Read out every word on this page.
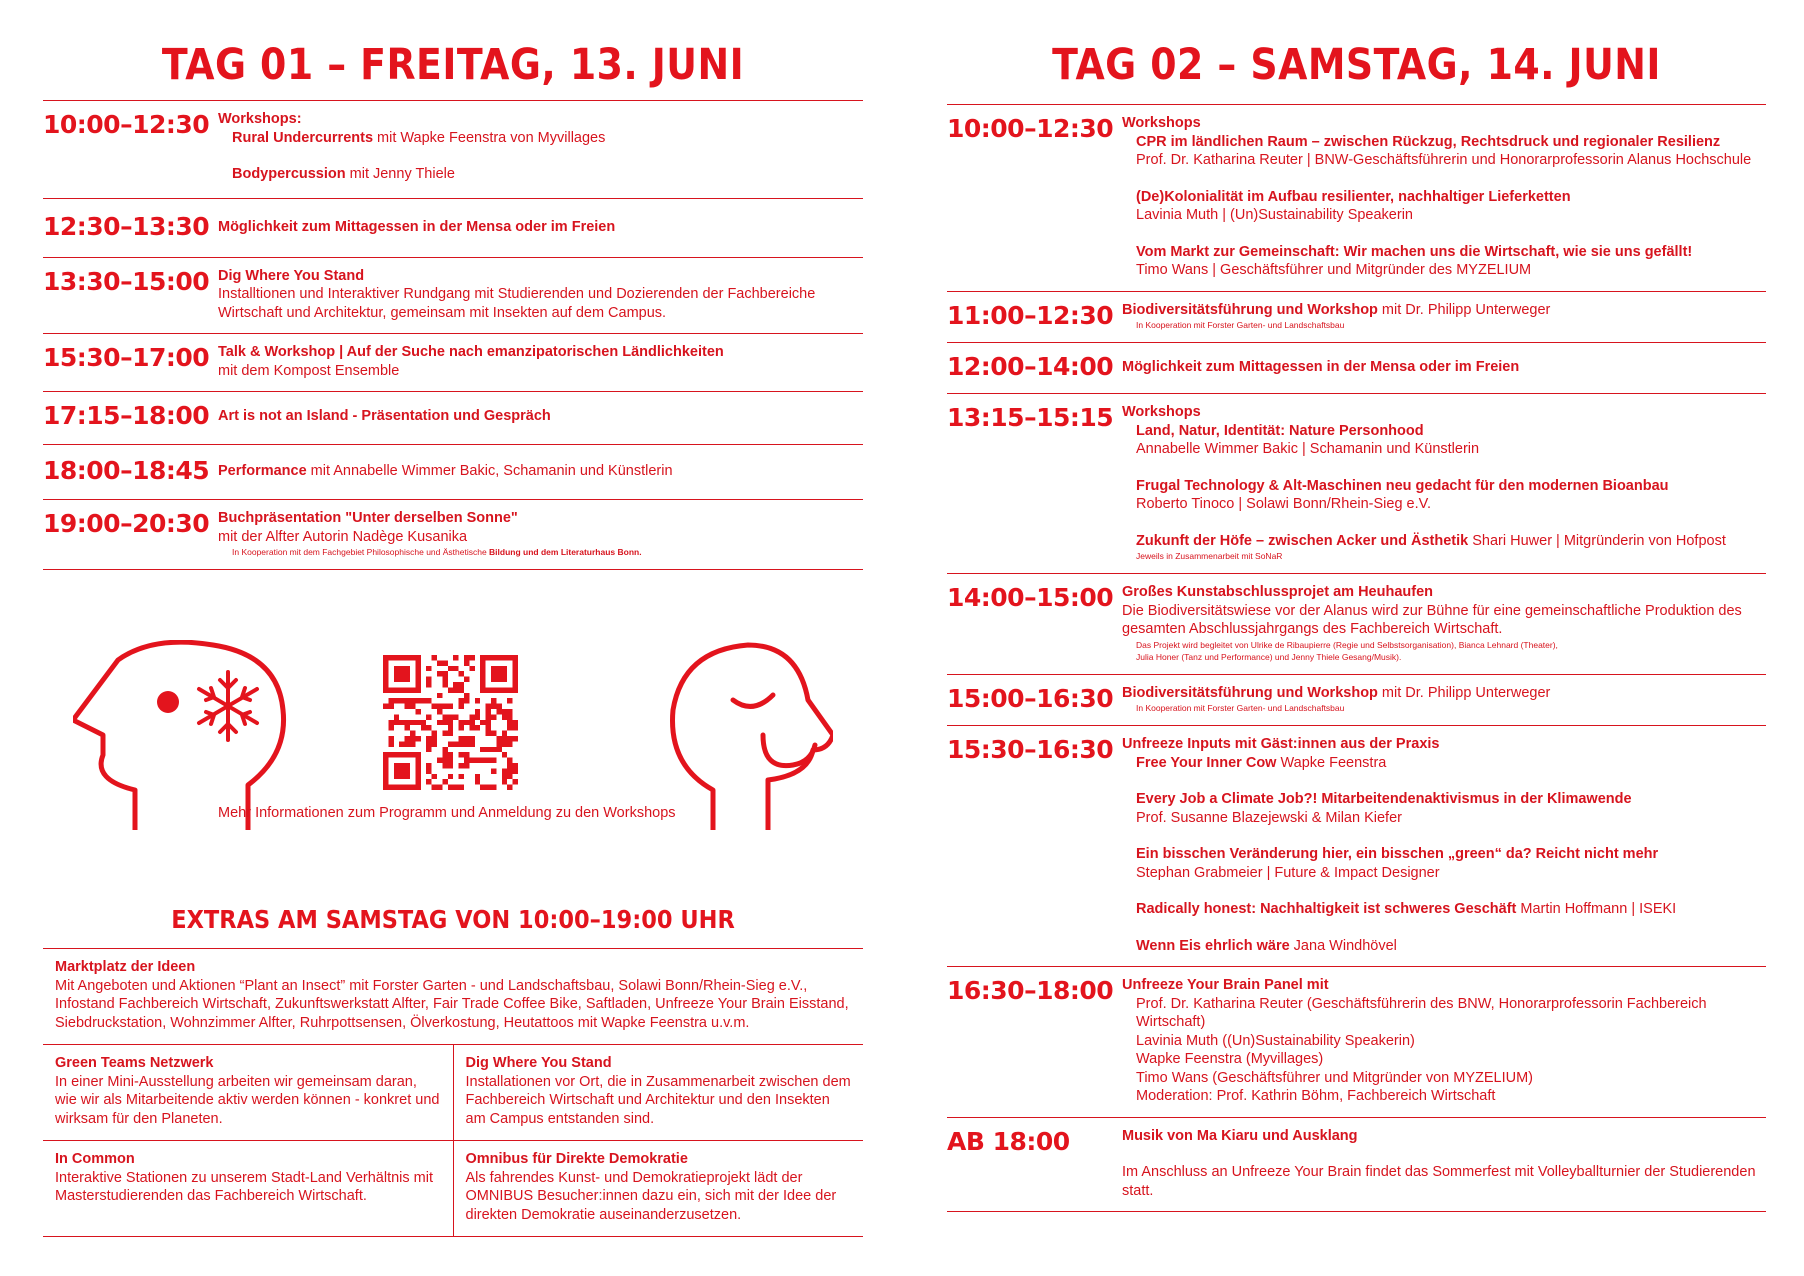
TAG 01 – FREITAG, 13. JUNI
10:00–12:30 Workshops:
Rural Undercurrents mit Wapke Feenstra von Myvillages
Bodypercussion mit Jenny Thiele
12:30–13:30 Möglichkeit zum Mittagessen in der Mensa oder im Freien
13:30–15:00 Dig Where You Stand
Installtionen und Interaktiver Rundgang mit Studierenden und Dozierenden der Fachbereiche Wirtschaft und Architektur, gemeinsam mit Insekten auf dem Campus.
15:30–17:00 Talk & Workshop | Auf der Suche nach emanzipatorischen Ländlichkeiten
mit dem Kompost Ensemble
17:15–18:00 Art is not an Island - Präsentation und Gespräch
18:00–18:45 Performance mit Annabelle Wimmer Bakic, Schamanin und Künstlerin
19:00–20:30 Buchpräsentation "Unter derselben Sonne"
mit der Alfter Autorin Nadège Kusanika
In Kooperation mit dem Fachgebiet Philosophische und Ästhetische Bildung und dem Literaturhaus Bonn.
Mehr Informationen zum Programm und Anmeldung zu den Workshops
EXTRAS AM SAMSTAG VON 10:00–19:00 UHR
Marktplatz der Ideen
Mit Angeboten und Aktionen “Plant an Insect” mit Forster Garten - und Landschaftsbau, Solawi Bonn/Rhein-Sieg e.V., Infostand Fachbereich Wirtschaft, Zukunftswerkstatt Alfter, Fair Trade Coffee Bike, Saftladen, Unfreeze Your Brain Eisstand, Siebdruckstation, Wohnzimmer Alfter, Ruhrpottsensen, Ölverkostung, Heutattoos mit Wapke Feenstra u.v.m.
Green Teams Netzwerk
In einer Mini-Ausstellung arbeiten wir gemeinsam daran, wie wir als Mitarbeitende aktiv werden können - konkret und wirksam für den Planeten.
Dig Where You Stand
Installationen vor Ort, die in Zusammenarbeit zwischen dem Fachbereich Wirtschaft und Architektur und den Insekten am Campus entstanden sind.
In Common
Interaktive Stationen zu unserem Stadt-Land Verhältnis mit Masterstudierenden das Fachbereich Wirtschaft.
Omnibus für Direkte Demokratie
Als fahrendes Kunst- und Demokratieprojekt lädt der OMNIBUS Besucher:innen dazu ein, sich mit der Idee der direkten Demokratie auseinanderzusetzen.
TAG 02 – SAMSTAG, 14. JUNI
10:00–12:30 Workshops
CPR im ländlichen Raum – zwischen Rückzug, Rechtsdruck und regionaler Resilienz
Prof. Dr. Katharina Reuter | BNW-Geschäftsführerin und Honorarprofessorin Alanus Hochschule
(De)Kolonialität im Aufbau resilienter, nachhaltiger Lieferketten
Lavinia Muth | (Un)Sustainability Speakerin
Vom Markt zur Gemeinschaft: Wir machen uns die Wirtschaft, wie sie uns gefällt!
Timo Wans | Geschäftsführer und Mitgründer des MYZELIUM
11:00–12:30 Biodiversitätsführung und Workshop mit Dr. Philipp Unterweger
In Kooperation mit Forster Garten- und Landschaftsbau
12:00–14:00 Möglichkeit zum Mittagessen in der Mensa oder im Freien
13:15–15:15 Workshops
Land, Natur, Identität: Nature Personhood
Annabelle Wimmer Bakic | Schamanin und Künstlerin
Frugal Technology & Alt-Maschinen neu gedacht für den modernen Bioanbau
Roberto Tinoco | Solawi Bonn/Rhein-Sieg e.V.
Zukunft der Höfe – zwischen Acker und Ästhetik Shari Huwer | Mitgründerin von Hofpost
Jeweils in Zusammenarbeit mit SoNaR
14:00–15:00 Großes Kunstabschlussprojet am Heuhaufen
Die Biodiversitätswiese vor der Alanus wird zur Bühne für eine gemeinschaftliche Produktion des gesamten Abschlussjahrgangs des Fachbereich Wirtschaft.
Das Projekt wird begleitet von Ulrike de Ribaupierre (Regie und Selbstsorganisation), Bianca Lehnard (Theater),
Julia Honer (Tanz und Performance) und Jenny Thiele Gesang/Musik).
15:00–16:30 Biodiversitätsführung und Workshop mit Dr. Philipp Unterweger
In Kooperation mit Forster Garten- und Landschaftsbau
15:30–16:30 Unfreeze Inputs mit Gäst:innen aus der Praxis
Free Your Inner Cow Wapke Feenstra
Every Job a Climate Job?! Mitarbeitendenaktivismus in der Klimawende
Prof. Susanne Blazejewski & Milan Kiefer
Ein bisschen Veränderung hier, ein bisschen „green“ da? Reicht nicht mehr
Stephan Grabmeier | Future & Impact Designer
Radically honest: Nachhaltigkeit ist schweres Geschäft Martin Hoffmann | ISEKI
Wenn Eis ehrlich wäre Jana Windhövel
16:30–18:00 Unfreeze Your Brain Panel mit
Prof. Dr. Katharina Reuter (Geschäftsführerin des BNW, Honorarprofessorin Fachbereich Wirtschaft)
Lavinia Muth ((Un)Sustainability Speakerin)
Wapke Feenstra (Myvillages)
Timo Wans (Geschäftsführer und Mitgründer von MYZELIUM)
Moderation: Prof. Kathrin Böhm, Fachbereich Wirtschaft
AB 18:00	Musik von Ma Kiaru und Ausklang
Im Anschluss an Unfreeze Your Brain findet das Sommerfest mit Volleyballturnier der Studierenden statt.
